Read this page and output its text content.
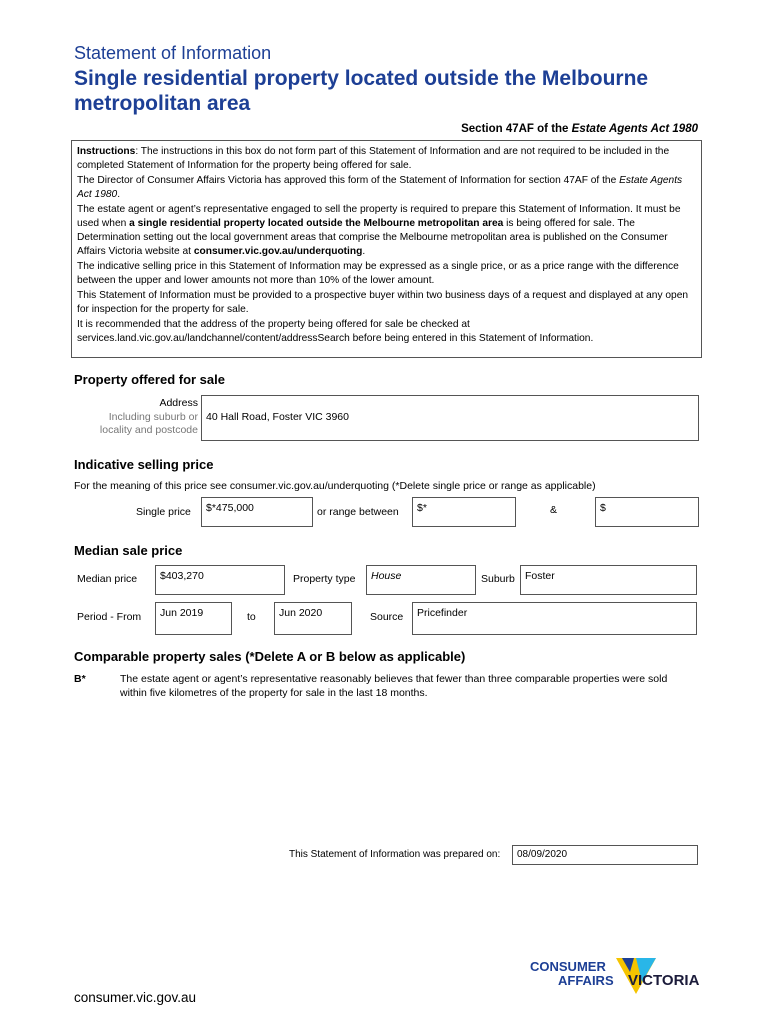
Statement of Information
Single residential property located outside the Melbourne metropolitan area
Section 47AF of the Estate Agents Act 1980

Instructions: The instructions in this box do not form part of this Statement of Information and are not required to be included in the completed Statement of Information for the property being offered for sale.

The Director of Consumer Affairs Victoria has approved this form of the Statement of Information for section 47AF of the Estate Agents Act 1980.

The estate agent or agent’s representative engaged to sell the property is required to prepare this Statement of Information. It must be used when a single residential property located outside the Melbourne metropolitan area is being offered for sale. The Determination setting out the local government areas that comprise the Melbourne metropolitan area is published on the Consumer Affairs Victoria website at consumer.vic.gov.au/underquoting.

The indicative selling price in this Statement of Information may be expressed as a single price, or as a price range with the difference between the upper and lower amounts not more than 10% of the lower amount.

This Statement of Information must be provided to a prospective buyer within two business days of a request and displayed at any open for inspection for the property for sale.

It is recommended that the address of the property being offered for sale be checked at services.land.vic.gov.au/landchannel/content/addressSearch before being entered in this Statement of Information.

Property offered for sale
Address
Including suburb or
locality and postcode
40 Hall Road, Foster VIC 3960
Indicative selling price
For the meaning of this price see consumer.vic.gov.au/underquoting (*Delete single price or range as applicable)
Single price	$*475,000	or range between	$*	&	$
Median sale price
Median price	$403,270	Property type	House	Suburb Foster
Period - From	Jun 2019	to	Jun 2020	Source	Pricefinder
Comparable property sales (*Delete A or B below as applicable)
B*	The estate agent or agent’s representative reasonably believes that fewer than three comparable properties were sold within five kilometres of the property for sale in the last 18 months.
This Statement of Information was prepared on:	08/09/2020
CONSUMER
AFFAIRS VICTORIA
consumer.vic.gov.au
